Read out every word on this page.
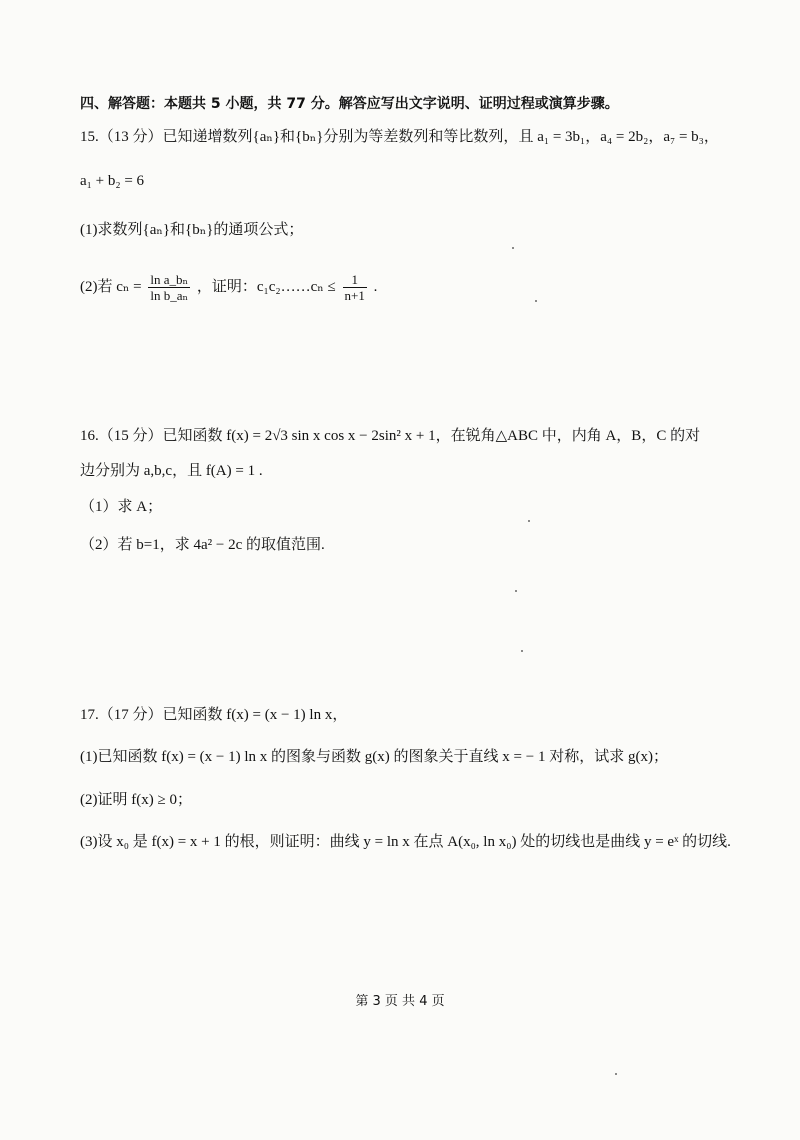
四、解答题：本题共 5 小题，共 77 分。解答应写出文字说明、证明过程或演算步骤。
15.（13 分）已知递增数列{aₙ}和{bₙ}分别为等差数列和等比数列，且 a₁ = 3b₁，a₄ = 2b₂，a₇ = b₃，
a₁ + b₂ = 6
(1)求数列{aₙ}和{bₙ}的通项公式；
(2)若 $c_n = \frac{\text{ln a\_bₙ}}{\text{ln b\_aₙ}}$ ，证明：c₁c₂……cₙ ≤ $\frac{1}{n+1}$ .
16.（15 分）已知函数 f(x) = 2√3 sin x cos x − 2sin² x + 1，在锐角△ABC 中，内角 A，B，C 的对
边分别为 a,b,c，且 f(A) = 1 .
（1）求 A；
（2）若 b=1，求 4a² − 2c 的取值范围.
17.（17 分）已知函数 f(x) = (x − 1) ln x，
(1)已知函数 f(x) = (x − 1) ln x 的图象与函数 g(x) 的图象关于直线 x = − 1 对称，试求 g(x)；
(2)证明 f(x) ≥ 0；
(3)设 x₀ 是 f(x) = x + 1 的根，则证明：曲线 y = ln x 在点 A(x₀, ln x₀) 处的切线也是曲线 y = eˣ 的切线.
第 3 页 共 4 页
